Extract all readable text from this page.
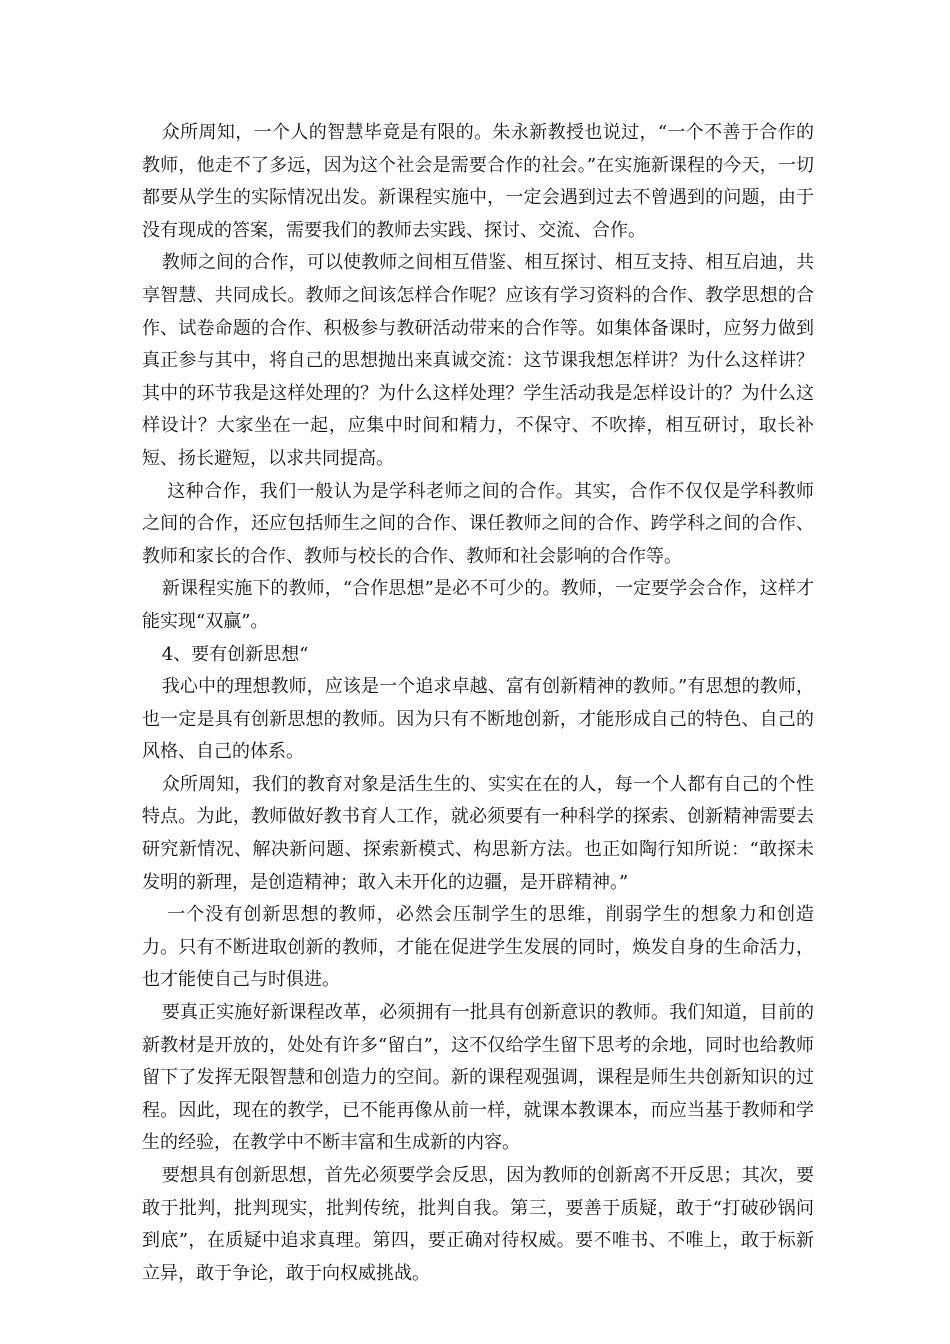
众所周知，一个人的智慧毕竟是有限的。朱永新教授也说过，“一个不善于合作的教师，他走不了多远，因为这个社会是需要合作的社会。”在实施新课程的今天，一切都要从学生的实际情况出发。新课程实施中，一定会遇到过去不曾遇到的问题，由于没有现成的答案，需要我们的教师去实践、探讨、交流、合作。

教师之间的合作，可以使教师之间相互借鉴、相互探讨、相互支持、相互启迪，共享智慧、共同成长。教师之间该怎样合作呢？应该有学习资料的合作、教学思想的合作、试卷命题的合作、积极参与教研活动带来的合作等。如集体备课时，应努力做到真正参与其中，将自己的思想抛出来真诚交流：这节课我想怎样讲？为什么这样讲？其中的环节我是这样处理的？为什么这样处理？学生活动我是怎样设计的？为什么这样设计？大家坐在一起，应集中时间和精力，不保守、不吹捧，相互研讨，取长补短、扬长避短，以求共同提高。

这种合作，我们一般认为是学科老师之间的合作。其实，合作不仅仅是学科教师之间的合作，还应包括师生之间的合作、课任教师之间的合作、跨学科之间的合作、教师和家长的合作、教师与校长的合作、教师和社会影响的合作等。

新课程实施下的教师，“合作思想”是必不可少的。教师，一定要学会合作，这样才能实现“双赢”。

4、要有创新思想“

我心中的理想教师，应该是一个追求卓越、富有创新精神的教师。”有思想的教师，也一定是具有创新思想的教师。因为只有不断地创新，才能形成自己的特色、自己的风格、自己的体系。

众所周知，我们的教育对象是活生生的、实实在在的人，每一个人都有自己的个性特点。为此，教师做好教书育人工作，就必须要有一种科学的探索、创新精神需要去研究新情况、解决新问题、探索新模式、构思新方法。也正如陶行知所说：“敢探未发明的新理，是创造精神；敢入未开化的边疆，是开辟精神。”

一个没有创新思想的教师，必然会压制学生的思维，削弱学生的想象力和创造力。只有不断进取创新的教师，才能在促进学生发展的同时，焕发自身的生命活力，也才能使自己与时俱进。

要真正实施好新课程改革，必须拥有一批具有创新意识的教师。我们知道，目前的新教材是开放的，处处有许多“留白”，这不仅给学生留下思考的余地，同时也给教师留下了发挥无限智慧和创造力的空间。新的课程观强调，课程是师生共创新知识的过程。因此，现在的教学，已不能再像从前一样，就课本教课本，而应当基于教师和学生的经验，在教学中不断丰富和生成新的内容。

要想具有创新思想，首先必须要学会反思，因为教师的创新离不开反思；其次，要敢于批判，批判现实，批判传统，批判自我。第三，要善于质疑，敢于“打破砂锅问到底”，在质疑中追求真理。第四，要正确对待权威。要不唯书、不唯上，敢于标新立异，敢于争论，敢于向权威挑战。
